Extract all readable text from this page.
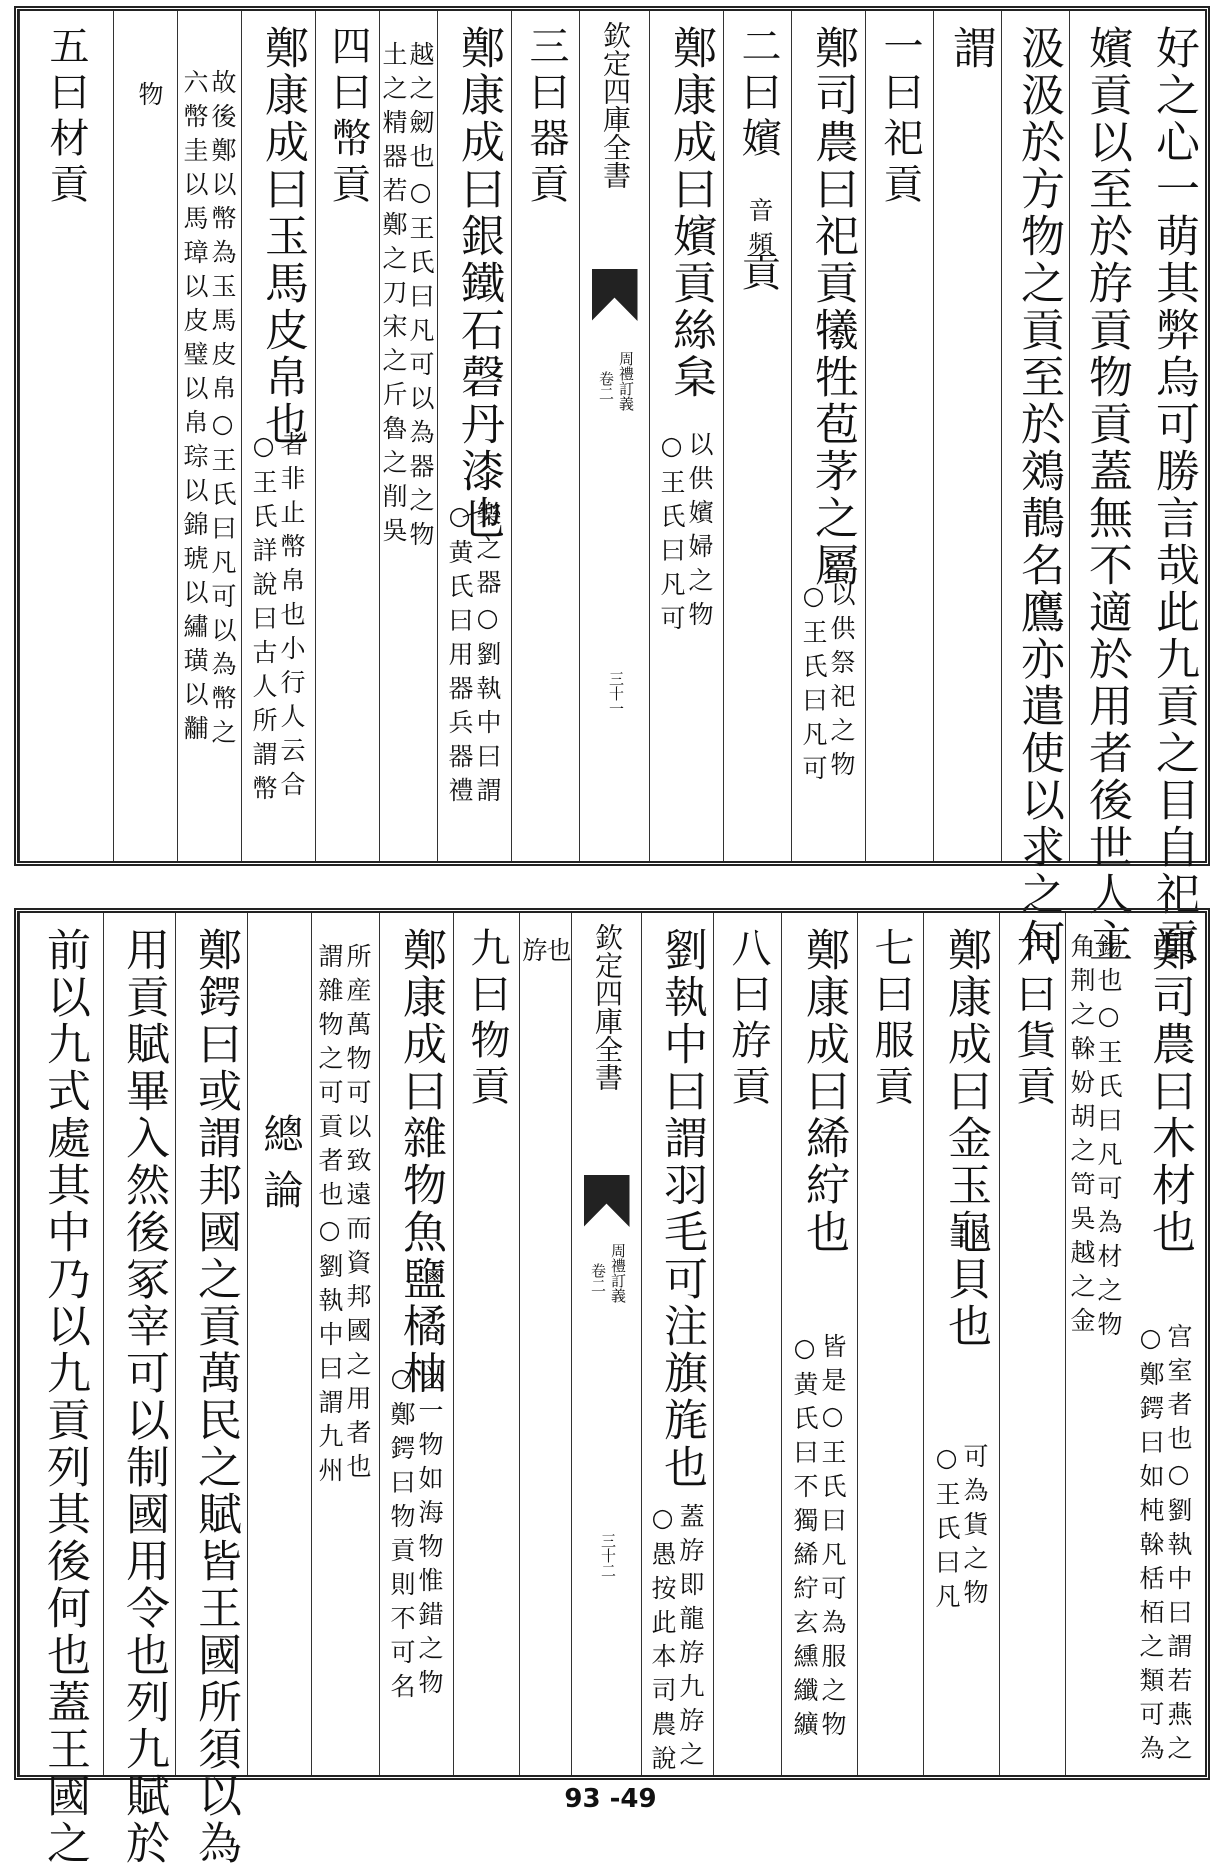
好之心一萌其弊烏可勝言哉此九貢之目自祀貢
嬪貢以至於斿貢物貢蓋無不適於用者後世人主
汲汲於方物之貢至於鵁鶄名鷹亦遣使以求之何
謂
一曰祀貢
鄭司農曰祀貢犧牲苞茅之屬
○王氏曰凡可 以供祭祀之物
二曰嬪
音頻
貢
鄭康成曰嬪貢絲枲
○王氏曰凡可 以供嬪婦之物
欽定四庫全書
周禮訂義
卷二
三十一
三曰器貢
鄭康成曰銀鐵石磬丹漆也
○黄氏曰用器兵器禮 樂之器○劉執中曰謂
土之精器若鄭之刀宋之斤魯之削吳
越之劒也○王氏曰凡可以為器之物
四曰幣貢
鄭康成曰玉馬皮帛也
○王氏詳說曰古人所謂幣 者非止幣帛也小行人云合
六幣圭以馬璋以皮璧以帛琮以錦琥以繡璜以黼 故後鄭以幣為玉馬皮帛○王氏曰凡可以為幣之
物
五曰材貢
鄭司農曰木材也
○鄭鍔曰如杶榦栝栢之類可為 宫室者也○劉執中曰謂若燕之
角荆之榦妢胡之笴吳越之金
錫也○王氏曰凡可為材之物
六曰貨貢
鄭康成曰金玉龜貝也
○王氏曰凡 可為貨之物
七曰服貢
鄭康成曰絺紵也
○黄氏曰不獨絺紵玄纁纖纊 皆是○王氏曰凡可為服之物
八曰斿貢
劉執中曰謂羽毛可注旗旄也
○愚按此本司農說 蓋斿即龍斿九斿之
欽定四庫全書
周禮訂義
卷二
三十二
斿
也
九曰物貢
鄭康成曰雜物魚鹽橘柚
○鄭鍔曰物貢則不可名 以一物如海物惟錯之物
謂雜物之可貢者也○劉執中曰謂九州 所産萬物可以致遠而資邦國之用者也
總論
鄭鍔曰或謂邦國之貢萬民之賦皆王國所須以為
用貢賦畢入然後冢宰可以制國用令也列九賦於
前以九式處其中乃以九貢列其後何也蓋王國之	93 -49
